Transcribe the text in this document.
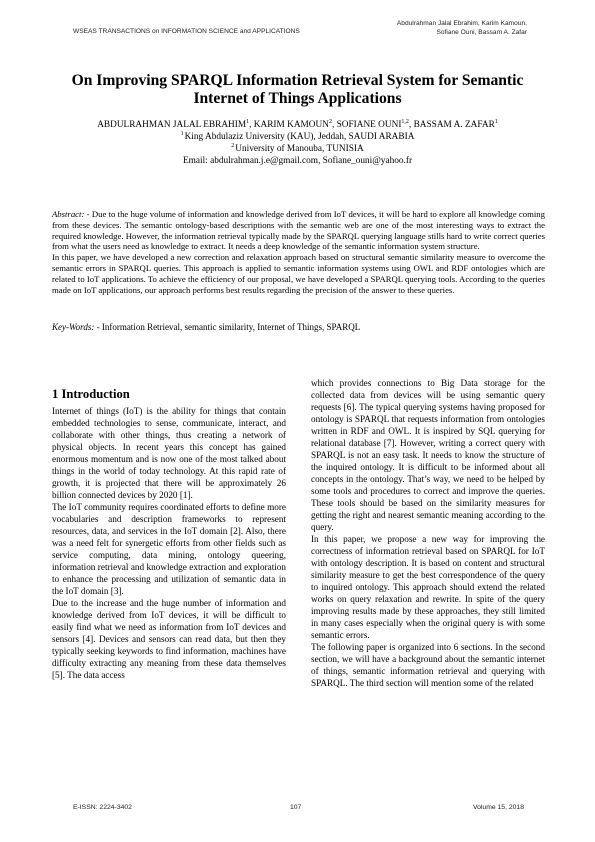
WSEAS TRANSACTIONS on INFORMATION SCIENCE and APPLICATIONS
Abdulrahman Jalal Ebrahim, Karim Kamoun,
Sofiane Ouni, Bassam A. Zafar
On Improving SPARQL Information Retrieval System for Semantic
Internet of Things Applications
ABDULRAHMAN JALAL EBRAHIM$^1$, KARIM KAMOUN$^2$, SOFIANE OUNI$^{1,2}$, BASSAM A. ZAFAR$^1$
$^1$King Abdulaziz University (KAU), Jeddah, SAUDI ARABIA
$^2$University of Manouba, TUNISIA
Email: abdulrahman.j.e@gmail.com, Sofiane_ouni@yahoo.fr

Abstract: - Due to the huge volume of information and knowledge derived from IoT devices, it will be hard to explore all knowledge coming from these devices. The semantic ontology-based descriptions with the semantic web are one of the most interesting ways to extract the required knowledge. However, the information retrieval typically made by the SPARQL querying language stills hard to write correct queries from what the users need as knowledge to extract. It needs a deep knowledge of the semantic information system structure.

In this paper, we have developed a new correction and relaxation approach based on structural semantic similarity measure to overcome the semantic errors in SPARQL queries. This approach is applied to semantic information systems using OWL and RDF ontologies which are related to IoT applications. To achieve the efficiency of our proposal, we have developed a SPARQL querying tools. According to the queries made on IoT applications, our approach performs best results regarding the precision of the answer to these queries.

Key-Words: - Information Retrieval, semantic similarity, Internet of Things, SPARQL

1 Introduction

Internet of things (IoT) is the ability for things that contain embedded technologies to sense, communicate, interact, and collaborate with other things, thus creating a network of physical objects. In recent years this concept has gained enormous momentum and is now one of the most talked about things in the world of today technology. At this rapid rate of growth, it is projected that there will be approximately 26 billion connected devices by 2020 [1].

The IoT community requires coordinated efforts to define more vocabularies and description frameworks to represent resources, data, and services in the IoT domain [2]. Also, there was a need felt for synergetic efforts from other fields such as service computing, data mining, ontology queering, information retrieval and knowledge extraction and exploration to enhance the processing and utilization of semantic data in the IoT domain [3].

Due to the increase and the huge number of information and knowledge derived from IoT devices, it will be difficult to easily find what we need as information from IoT devices and sensors [4]. Devices and sensors can read data, but then they typically seeking keywords to find information, machines have difficulty extracting any meaning from these data themselves [5]. The data access

which provides connections to Big Data storage for the collected data from devices will be using semantic query requests [6]. The typical querying systems having proposed for ontology is SPARQL that requests information from ontologies written in RDF and OWL. It is inspired by SQL querying for relational database [7]. However, writing a correct query with SPARQL is not an easy task. It needs to know the structure of the inquired ontology. It is difficult to be informed about all concepts in the ontology. That’s way, we need to be helped by some tools and procedures to correct and improve the queries. These tools should be based on the similarity measures for getting the right and nearest semantic meaning according to the query.

In this paper, we propose a new way for improving the correctness of information retrieval based on SPARQL for IoT with ontology description. It is based on content and structural similarity measure to get the best correspondence of the query to inquired ontology. This approach should extend the related works on query relaxation and rewrite. In spite of the query improving results made by these approaches, they still limited in many cases especially when the original query is with some semantic errors.

The following paper is organized into 6 sections. In the second section, we will have a background about the semantic internet of things, semantic information retrieval and querying with SPARQL. The third section will mention some of the related

E-ISSN: 2224-3402	107	Volume 15, 2018
